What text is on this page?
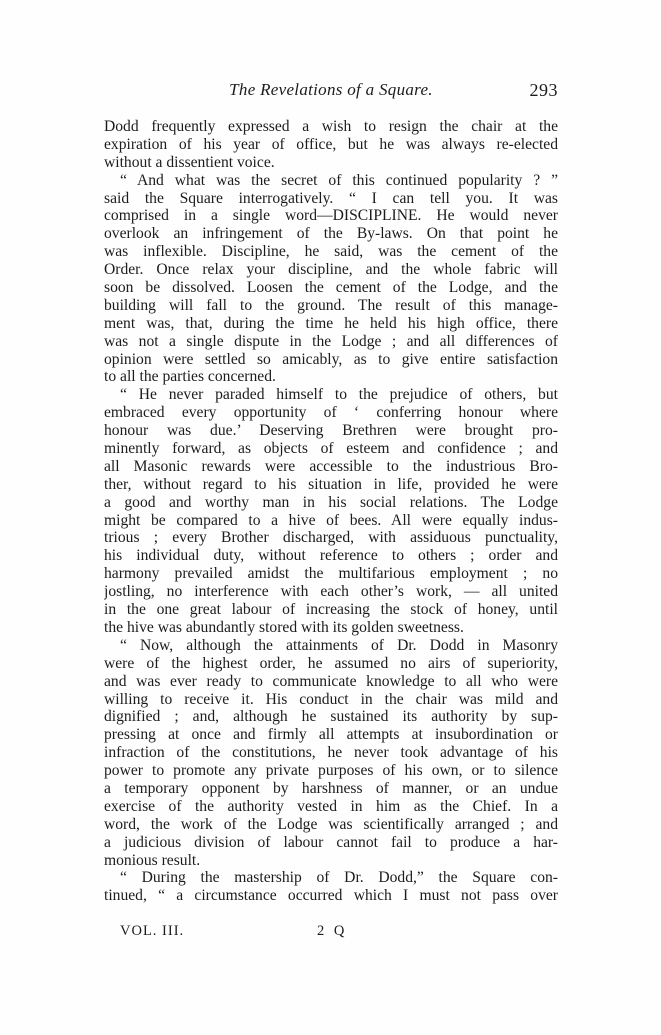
The Revelations of a Square.	293
Dodd frequently expressed a wish to resign the chair at the
expiration of his year of office, but he was always re-elected
without a dissentient voice.
“ And what was the secret of this continued popularity ? ”
said the Square interrogatively. “ I can tell you. It was
comprised in a single word—DISCIPLINE. He would never
overlook an infringement of the By-laws. On that point he
was inflexible. Discipline, he said, was the cement of the
Order. Once relax your discipline, and the whole fabric will
soon be dissolved. Loosen the cement of the Lodge, and the
building will fall to the ground. The result of this manage-
ment was, that, during the time he held his high office, there
was not a single dispute in the Lodge ; and all differences of
opinion were settled so amicably, as to give entire satisfaction
to all the parties concerned.
“ He never paraded himself to the prejudice of others, but
embraced every opportunity of ‘ conferring honour where
honour was due.’ Deserving Brethren were brought pro-
minently forward, as objects of esteem and confidence ; and
all Masonic rewards were accessible to the industrious Bro-
ther, without regard to his situation in life, provided he were
a good and worthy man in his social relations. The Lodge
might be compared to a hive of bees. All were equally indus-
trious ; every Brother discharged, with assiduous punctuality,
his individual duty, without reference to others ; order and
harmony prevailed amidst the multifarious employment ; no
jostling, no interference with each other’s work, — all united
in the one great labour of increasing the stock of honey, until
the hive was abundantly stored with its golden sweetness.
“ Now, although the attainments of Dr. Dodd in Masonry
were of the highest order, he assumed no airs of superiority,
and was ever ready to communicate knowledge to all who were
willing to receive it. His conduct in the chair was mild and
dignified ; and, although he sustained its authority by sup-
pressing at once and firmly all attempts at insubordination or
infraction of the constitutions, he never took advantage of his
power to promote any private purposes of his own, or to silence
a temporary opponent by harshness of manner, or an undue
exercise of the authority vested in him as the Chief. In a
word, the work of the Lodge was scientifically arranged ; and
a judicious division of labour cannot fail to produce a har-
monious result.
“ During the mastership of Dr. Dodd,” the Square con-
tinued, “ a circumstance occurred which I must not pass over
VOL. III.	2 Q
